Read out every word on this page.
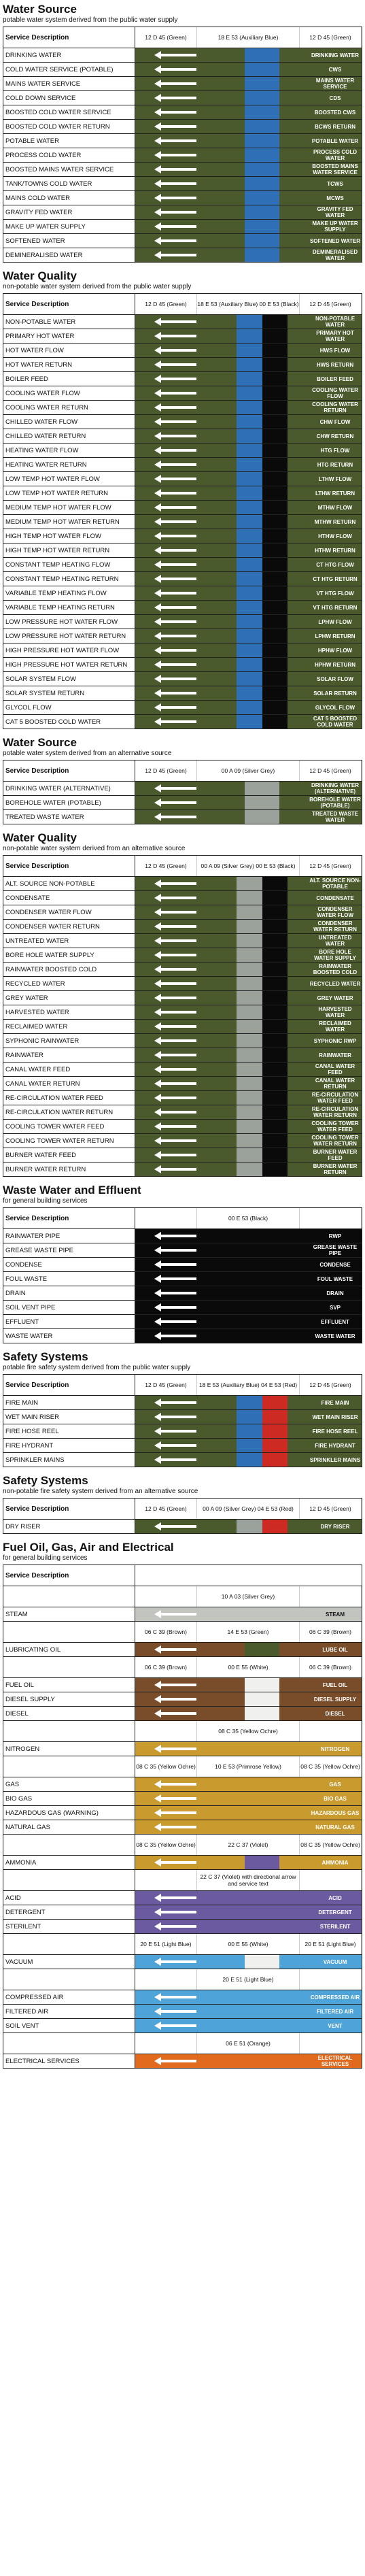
Water Source
potable water system derived from the public water supply
Service Description	12 D 45 (Green) 18 E 53 (Auxiliary Blue) 12 D 45 (Green)

DRINKING WATER	DRINKING WATER

COLD WATER SERVICE (POTABLE)	CWS

MAINS WATER SERVICE	MAINS WATER SERVICE

COLD DOWN SERVICE	CDS

BOOSTED COLD WATER SERVICE	BOOSTED CWS

BOOSTED COLD WATER RETURN	BCWS RETURN

POTABLE WATER	POTABLE WATER

PROCESS COLD WATER	PROCESS COLD WATER

BOOSTED MAINS WATER SERVICE	BOOSTED MAINS WATER SERVICE

TANK/TOWNS COLD WATER	TCWS

MAINS COLD WATER	MCWS

GRAVITY FED WATER	GRAVITY FED WATER

MAKE UP WATER SUPPLY	MAKE UP WATER SUPPLY

SOFTENED WATER	SOFTENED WATER

DEMINERALISED WATER	DEMINERALISED WATER
Water Quality
non-potable water system derived from the public water supply
Service Description	12 D 45 (Green) 18 E 53 (Auxiliary Blue) 00 E 53 (Black) 12 D 45 (Green)

NON-POTABLE WATER	NON-POTABLE WATER

PRIMARY HOT WATER	PRIMARY HOT WATER

HOT WATER FLOW	HWS FLOW

HOT WATER RETURN	HWS RETURN

BOILER FEED	BOILER FEED

COOLING WATER FLOW	COOLING WATER FLOW

COOLING WATER RETURN	COOLING WATER RETURN

CHILLED WATER FLOW	CHW FLOW

CHILLED WATER RETURN	CHW RETURN

HEATING WATER FLOW	HTG FLOW

HEATING WATER RETURN	HTG RETURN

LOW TEMP HOT WATER FLOW	LTHW FLOW

LOW TEMP HOT WATER RETURN	LTHW RETURN

MEDIUM TEMP HOT WATER FLOW	MTHW FLOW

MEDIUM TEMP HOT WATER RETURN	MTHW RETURN

HIGH TEMP HOT WATER FLOW	HTHW FLOW

HIGH TEMP HOT WATER RETURN	HTHW RETURN

CONSTANT TEMP HEATING FLOW	CT HTG FLOW

CONSTANT TEMP HEATING RETURN	CT HTG RETURN

VARIABLE TEMP HEATING FLOW	VT HTG FLOW

VARIABLE TEMP HEATING RETURN	VT HTG RETURN

LOW PRESSURE HOT WATER FLOW	LPHW FLOW

LOW PRESSURE HOT WATER RETURN	LPHW RETURN

HIGH PRESSURE HOT WATER FLOW	HPHW FLOW

HIGH PRESSURE HOT WATER RETURN	HPHW RETURN

SOLAR SYSTEM FLOW	SOLAR FLOW

SOLAR SYSTEM RETURN	SOLAR RETURN

GLYCOL FLOW	GLYCOL FLOW

CAT 5 BOOSTED COLD WATER	CAT 5 BOOSTED COLD WATER
Water Source
potable water system derived from an alternative source
Service Description	12 D 45 (Green) 00 A 09 (Silver Grey) 12 D 45 (Green)

DRINKING WATER (ALTERNATIVE)	DRINKING WATER (ALTERNATIVE)

BOREHOLE WATER (POTABLE)	BOREHOLE WATER (POTABLE)

TREATED WASTE WATER	TREATED WASTE WATER
Water Quality
non-potable water system derived from an alternative source
Service Description	12 D 45 (Green) 00 A 09 (Silver Grey) 00 E 53 (Black) 12 D 45 (Green)

ALT. SOURCE NON-POTABLE	ALT. SOURCE NON-POTABLE

CONDENSATE	CONDENSATE

CONDENSER WATER FLOW	CONDENSER WATER FLOW

CONDENSER WATER RETURN	CONDENSER WATER RETURN

UNTREATED WATER	UNTREATED WATER

BORE HOLE WATER SUPPLY	BORE HOLE WATER SUPPLY

RAINWATER BOOSTED COLD	RAINWATER BOOSTED COLD

RECYCLED WATER	RECYCLED WATER

GREY WATER	GREY WATER

HARVESTED WATER	HARVESTED WATER

RECLAIMED WATER	RECLAIMED WATER

SYPHONIC RAINWATER	SYPHONIC RWP

RAINWATER	RAINWATER

CANAL WATER FEED	CANAL WATER FEED

CANAL WATER RETURN	CANAL WATER RETURN

RE-CIRCULATION WATER FEED	RE-CIRCULATION WATER FEED

RE-CIRCULATION WATER RETURN	RE-CIRCULATION WATER RETURN

COOLING TOWER WATER FEED	COOLING TOWER WATER FEED

COOLING TOWER WATER RETURN	COOLING TOWER WATER RETURN

BURNER WATER FEED	BURNER WATER FEED

BURNER WATER RETURN	BURNER WATER RETURN
Waste Water and Effluent
for general building services
Service Description	00 E 53 (Black)

RAINWATER PIPE	RWP

GREASE WASTE PIPE	GREASE WASTE PIPE

CONDENSE	CONDENSE

FOUL WASTE	FOUL WASTE

DRAIN	DRAIN

SOIL VENT PIPE	SVP

EFFLUENT	EFFLUENT

WASTE WATER	WASTE WATER
Safety Systems
potable fire safety system derived from the public water supply
Service Description	12 D 45 (Green) 18 E 53 (Auxiliary Blue) 04 E 53 (Red) 12 D 45 (Green)

FIRE MAIN	FIRE MAIN

WET MAIN RISER	WET MAIN RISER

FIRE HOSE REEL	FIRE HOSE REEL

FIRE HYDRANT	FIRE HYDRANT

SPRINKLER MAINS	SPRINKLER MAINS
Safety Systems
non-potable fire safety system derived from an alternative source
Service Description	12 D 45 (Green) 00 A 09 (Silver Grey) 04 E 53 (Red) 12 D 45 (Green)

DRY RISER	DRY RISER
Fuel Oil, Gas, Air and Electrical
for general building services
Service Description	

10 A 03 (Silver Grey)

STEAM	STEAM

06 C 39 (Brown) 14 E 53 (Green) 06 C 39 (Brown)

LUBRICATING OIL	LUBE OIL

06 C 39 (Brown) 00 E 55 (White) 06 C 39 (Brown)

FUEL OIL	FUEL OIL

DIESEL SUPPLY	DIESEL SUPPLY

DIESEL	DIESEL

08 C 35 (Yellow Ochre)

NITROGEN	NITROGEN

08 C 35 (Yellow Ochre) 10 E 53 (Primrose Yellow) 08 C 35 (Yellow Ochre)

GAS	GAS

BIO GAS	BIO GAS

HAZARDOUS GAS (WARNING)	HAZARDOUS GAS

NATURAL GAS	NATURAL GAS

08 C 35 (Yellow Ochre) 22 C 37 (Violet) 08 C 35 (Yellow Ochre)

AMMONIA	AMMONIA

22 C 37 (Violet) with directional arrow and service text

ACID	ACID

DETERGENT	DETERGENT

STERILENT	STERILENT

20 E 51 (Light Blue) 00 E 55 (White) 20 E 51 (Light Blue)

VACUUM	VACUUM

20 E 51 (Light Blue)

COMPRESSED AIR	COMPRESSED AIR

FILTERED AIR	FILTERED AIR

SOIL VENT	VENT

06 E 51 (Orange)

ELECTRICAL SERVICES	ELECTRICAL SERVICES
